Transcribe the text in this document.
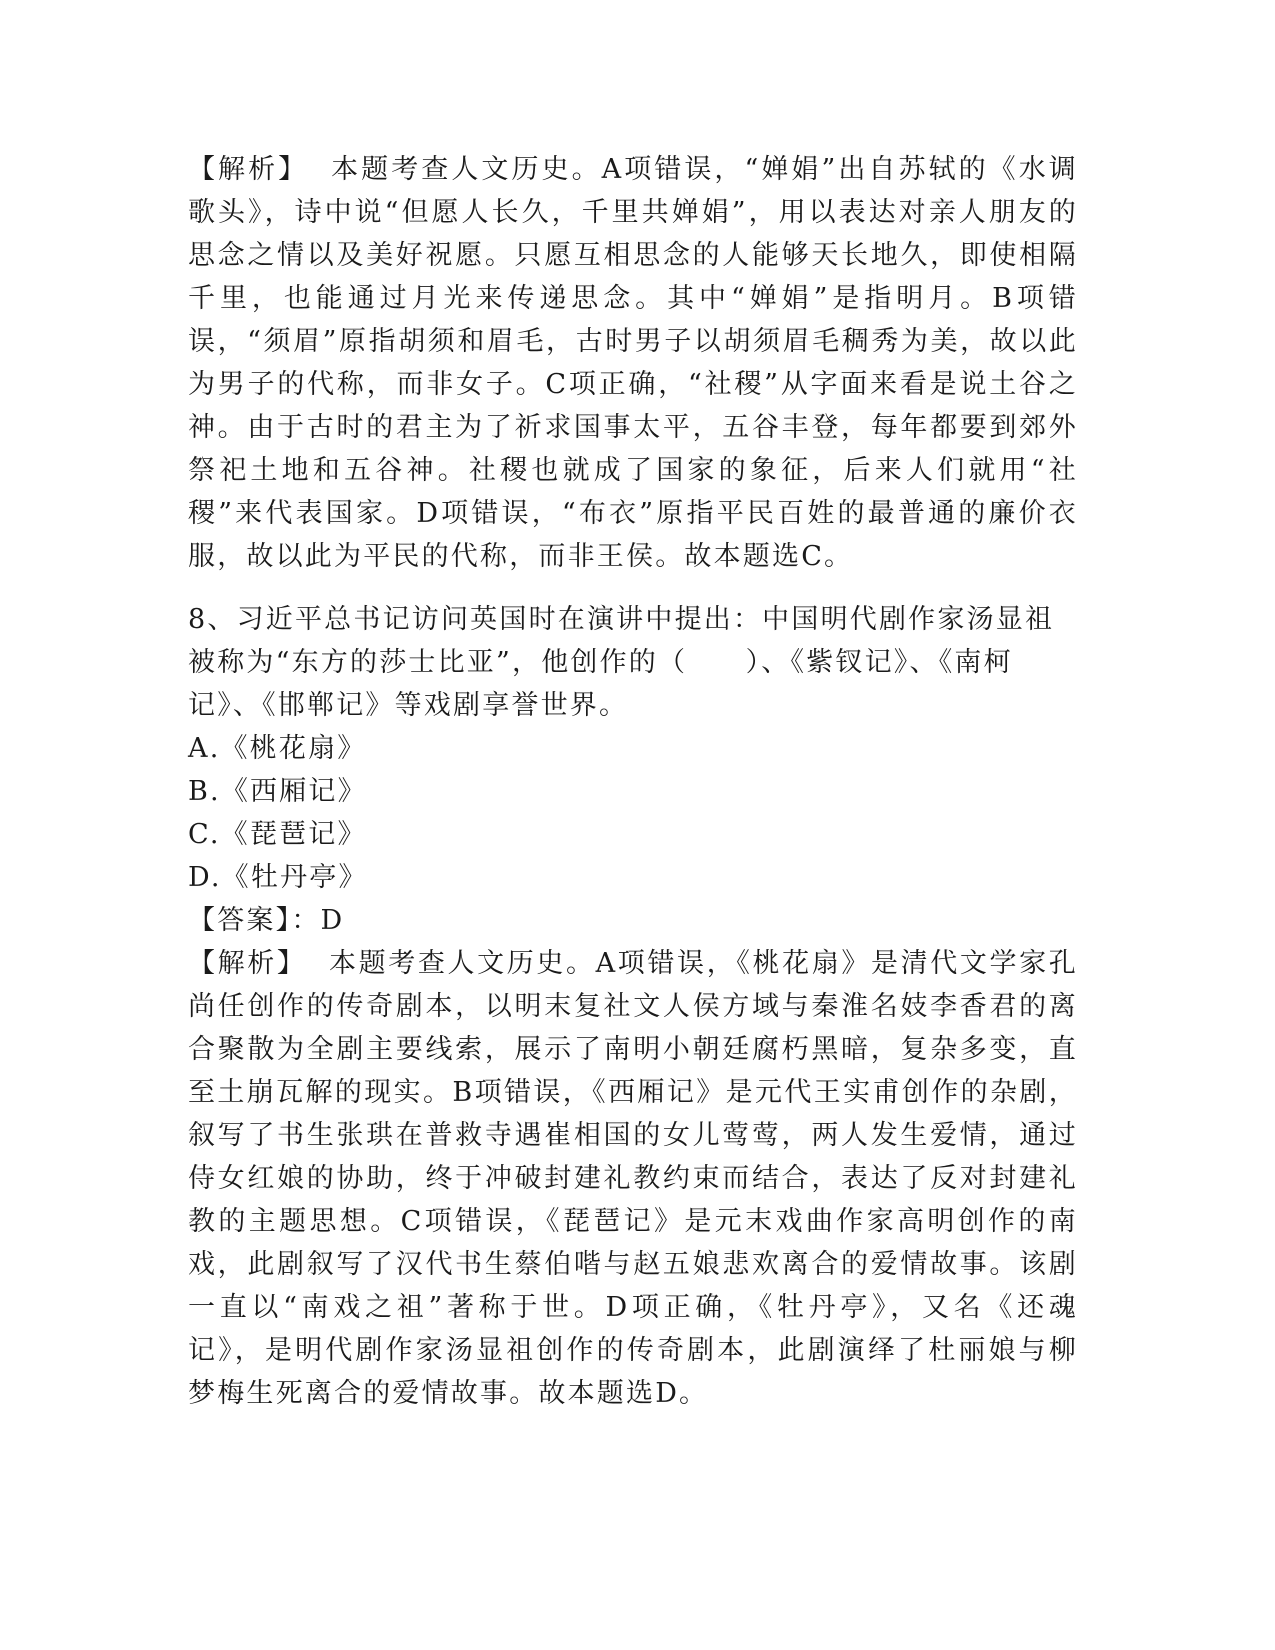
【解析】 本题考查人文历史。A项错误，“婵娟”出自苏轼的《水调歌头》，诗中说“但愿人长久，千里共婵娟”，用以表达对亲人朋友的思念之情以及美好祝愿。只愿互相思念的人能够天长地久，即使相隔千里，也能通过月光来传递思念。其中“婵娟”是指明月。B项错误，“须眉”原指胡须和眉毛，古时男子以胡须眉毛稠秀为美，故以此为男子的代称，而非女子。C项正确，“社稷”从字面来看是说土谷之神。由于古时的君主为了祈求国事太平，五谷丰登，每年都要到郊外祭祀土地和五谷神。社稷也就成了国家的象征，后来人们就用“社稷”来代表国家。D项错误，“布衣”原指平民百姓的最普通的廉价衣服，故以此为平民的代称，而非王侯。故本题选C。

8、习近平总书记访问英国时在演讲中提出：中国明代剧作家汤显祖被称为“东方的莎士比亚”，他创作的（　　）、《紫钗记》、《南柯记》、《邯郸记》等戏剧享誉世界。

A.《桃花扇》
B.《西厢记》
C.《琵琶记》
D.《牡丹亭》

【答案】：D

【解析】 本题考查人文历史。A项错误，《桃花扇》是清代文学家孔尚任创作的传奇剧本，以明末复社文人侯方域与秦淮名妓李香君的离合聚散为全剧主要线索，展示了南明小朝廷腐朽黑暗，复杂多变，直至土崩瓦解的现实。B项错误，《西厢记》是元代王实甫创作的杂剧，叙写了书生张珙在普救寺遇崔相国的女儿莺莺，两人发生爱情，通过侍女红娘的协助，终于冲破封建礼教约束而结合，表达了反对封建礼教的主题思想。C项错误，《琵琶记》是元末戏曲作家高明创作的南戏，此剧叙写了汉代书生蔡伯喈与赵五娘悲欢离合的爱情故事。该剧一直以“南戏之祖”著称于世。D项正确，《牡丹亭》，又名《还魂记》，是明代剧作家汤显祖创作的传奇剧本，此剧演绎了杜丽娘与柳梦梅生死离合的爱情故事。故本题选D。
